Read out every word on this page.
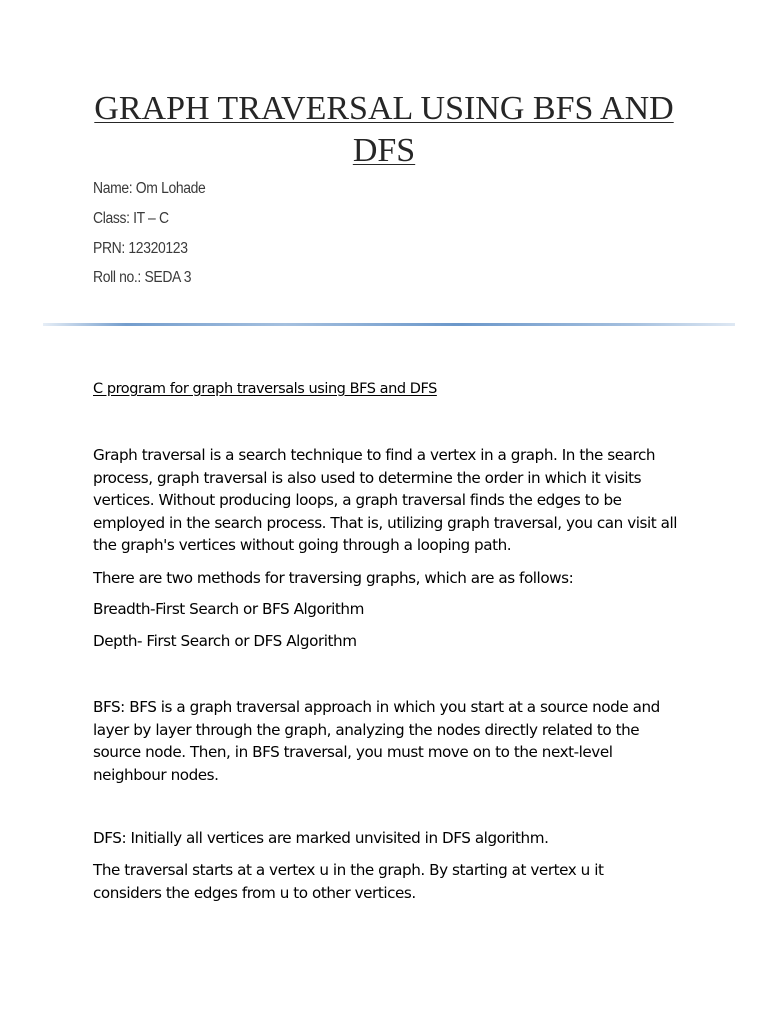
GRAPH TRAVERSAL USING BFS AND DFS

Name: Om Lohade

Class: IT – C

PRN: 12320123

Roll no.: SEDA 3

C program for graph traversals using BFS and DFS

Graph traversal is a search technique to find a vertex in a graph. In the search process, graph traversal is also used to determine the order in which it visits vertices. Without producing loops, a graph traversal finds the edges to be employed in the search process. That is, utilizing graph traversal, you can visit all the graph's vertices without going through a looping path.

There are two methods for traversing graphs, which are as follows:

Breadth-First Search or BFS Algorithm

Depth- First Search or DFS Algorithm

BFS: BFS is a graph traversal approach in which you start at a source node and layer by layer through the graph, analyzing the nodes directly related to the source node. Then, in BFS traversal, you must move on to the next-level neighbour nodes.

DFS: Initially all vertices are marked unvisited in DFS algorithm.

The traversal starts at a vertex u in the graph. By starting at vertex u it considers the edges from u to other vertices.
